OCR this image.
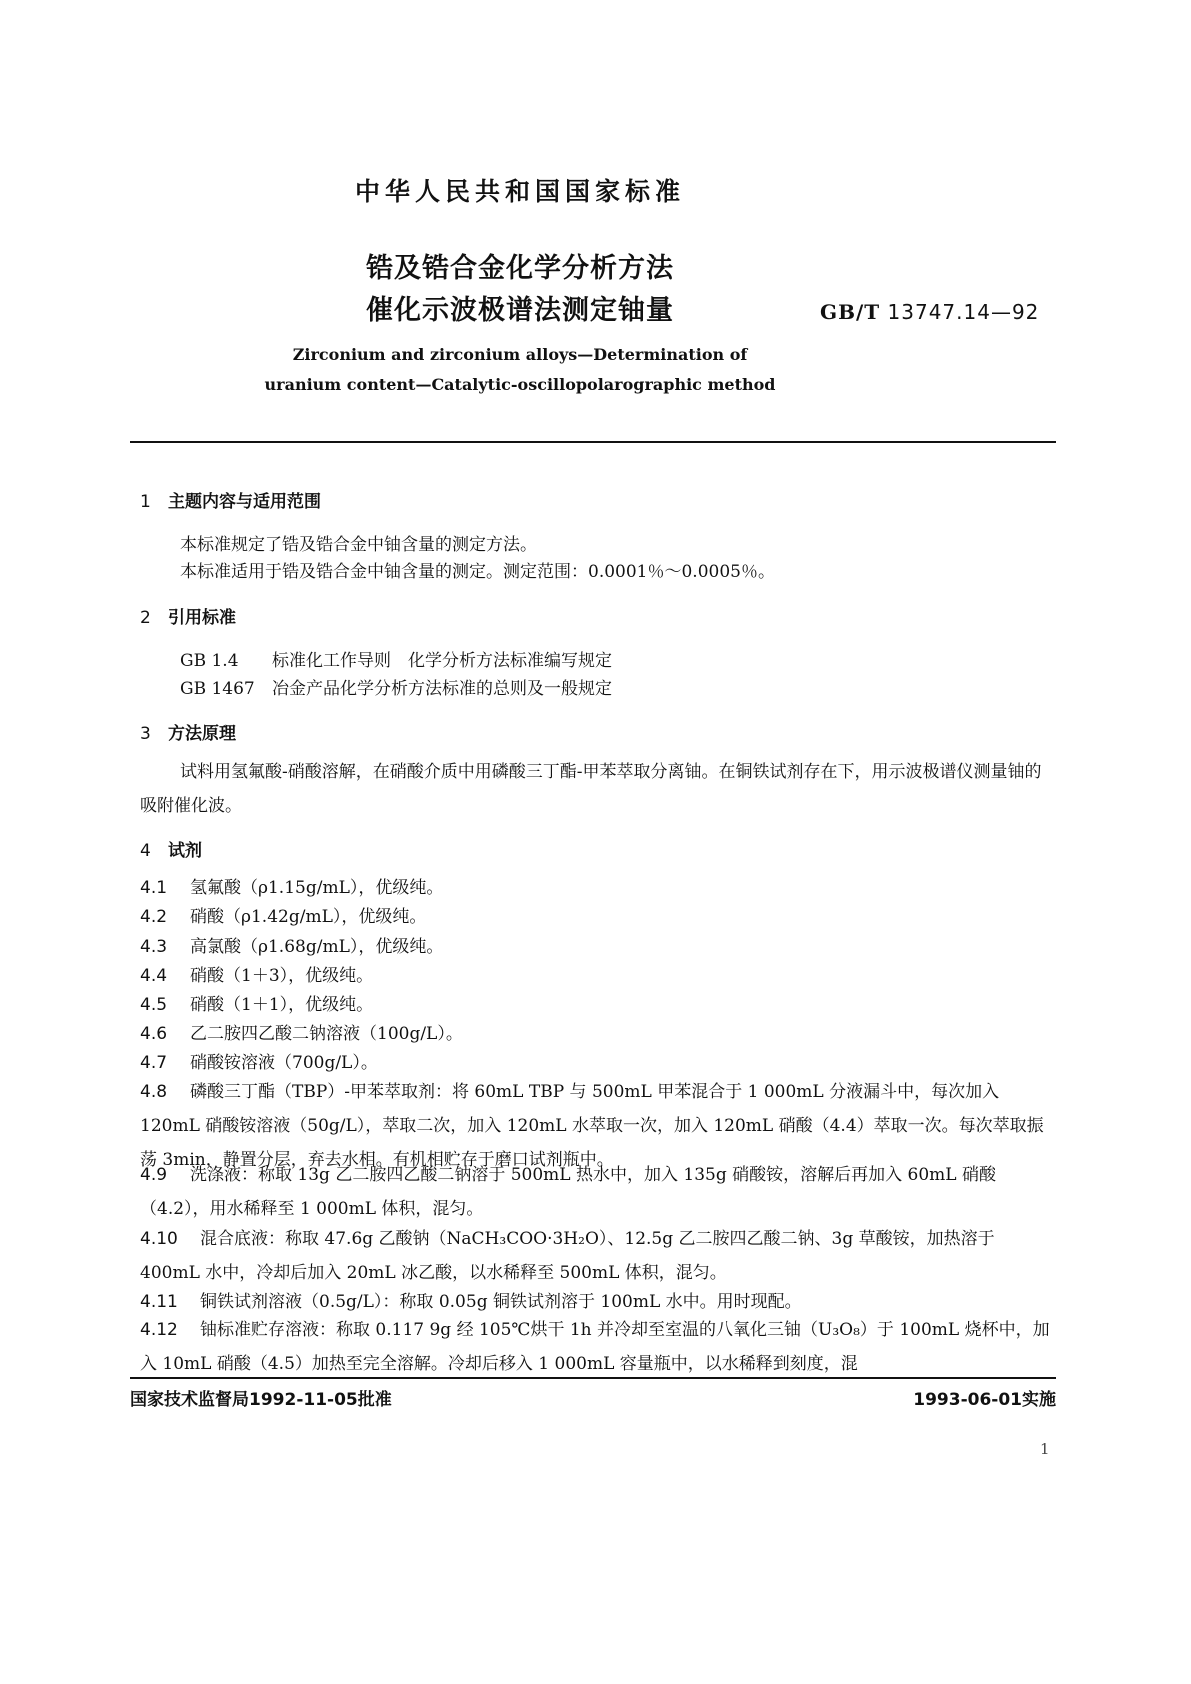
中华人民共和国国家标准
锆及锆合金化学分析方法
催化示波极谱法测定铀量	GB/T 13747.14—92
Zirconium and zirconium alloys—Determination of
uranium content—Catalytic-oscillopolarographic method
1 主题内容与适用范围
本标准规定了锆及锆合金中铀含量的测定方法。
本标准适用于锆及锆合金中铀含量的测定。测定范围：0.0001％～0.0005％。
2 引用标准
GB 1.4 标准化工作导则　化学分析方法标准编写规定
GB 1467 冶金产品化学分析方法标准的总则及一般规定
3 方法原理
试料用氢氟酸-硝酸溶解，在硝酸介质中用磷酸三丁酯-甲苯萃取分离铀。在铜铁试剂存在下，用示波极谱仪测量铀的吸附催化波。
4 试剂
4.1 氢氟酸（ρ1.15g/mL），优级纯。
4.2 硝酸（ρ1.42g/mL），优级纯。
4.3 高氯酸（ρ1.68g/mL），优级纯。
4.4 硝酸（1＋3），优级纯。
4.5 硝酸（1＋1），优级纯。
4.6 乙二胺四乙酸二钠溶液（100g/L）。
4.7 硝酸铵溶液（700g/L）。
4.8 磷酸三丁酯（TBP）-甲苯萃取剂：将 60mL TBP 与 500mL 甲苯混合于 1 000mL 分液漏斗中，每次加入 120mL 硝酸铵溶液（50g/L），萃取二次，加入 120mL 水萃取一次，加入 120mL 硝酸（4.4）萃取一次。每次萃取振荡 3min，静置分层，弃去水相。有机相贮存于磨口试剂瓶中。
4.9 洗涤液：称取 13g 乙二胺四乙酸二钠溶于 500mL 热水中，加入 135g 硝酸铵，溶解后再加入 60mL 硝酸（4.2），用水稀释至 1 000mL 体积，混匀。
4.10 混合底液：称取 47.6g 乙酸钠（NaCH₃COO·3H₂O）、12.5g 乙二胺四乙酸二钠、3g 草酸铵，加热溶于 400mL 水中，冷却后加入 20mL 冰乙酸，以水稀释至 500mL 体积，混匀。
4.11 铜铁试剂溶液（0.5g/L）：称取 0.05g 铜铁试剂溶于 100mL 水中。用时现配。
4.12 铀标准贮存溶液：称取 0.117 9g 经 105℃烘干 1h 并冷却至室温的八氧化三铀（U₃O₈）于 100mL 烧杯中，加入 10mL 硝酸（4.5）加热至完全溶解。冷却后移入 1 000mL 容量瓶中，以水稀释到刻度，混
国家技术监督局1992-11-05批准	1993-06-01实施
1
